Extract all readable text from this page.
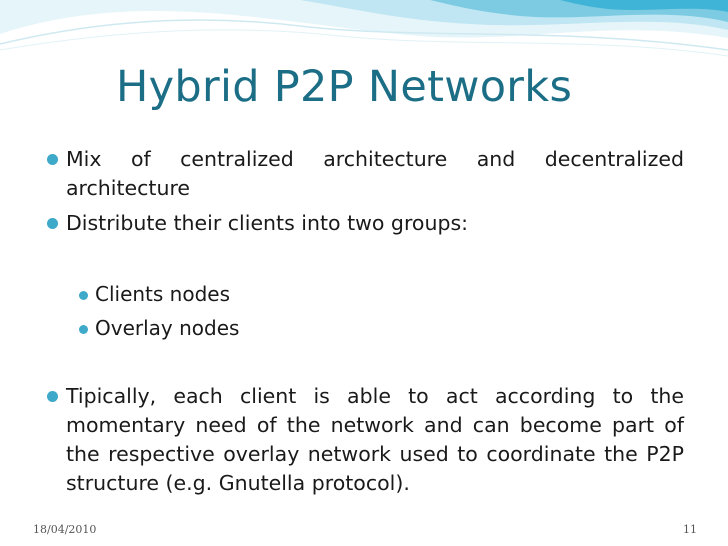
Hybrid P2P Networks
Mix of centralized architecture and decentralized architecture
Distribute their clients into two groups:
Clients nodes
Overlay nodes
Tipically, each client is able to act according to the momentary need of the network and can become part of the respective overlay network used to coordinate the P2P structure (e.g. Gnutella protocol).
18/04/2010	11
